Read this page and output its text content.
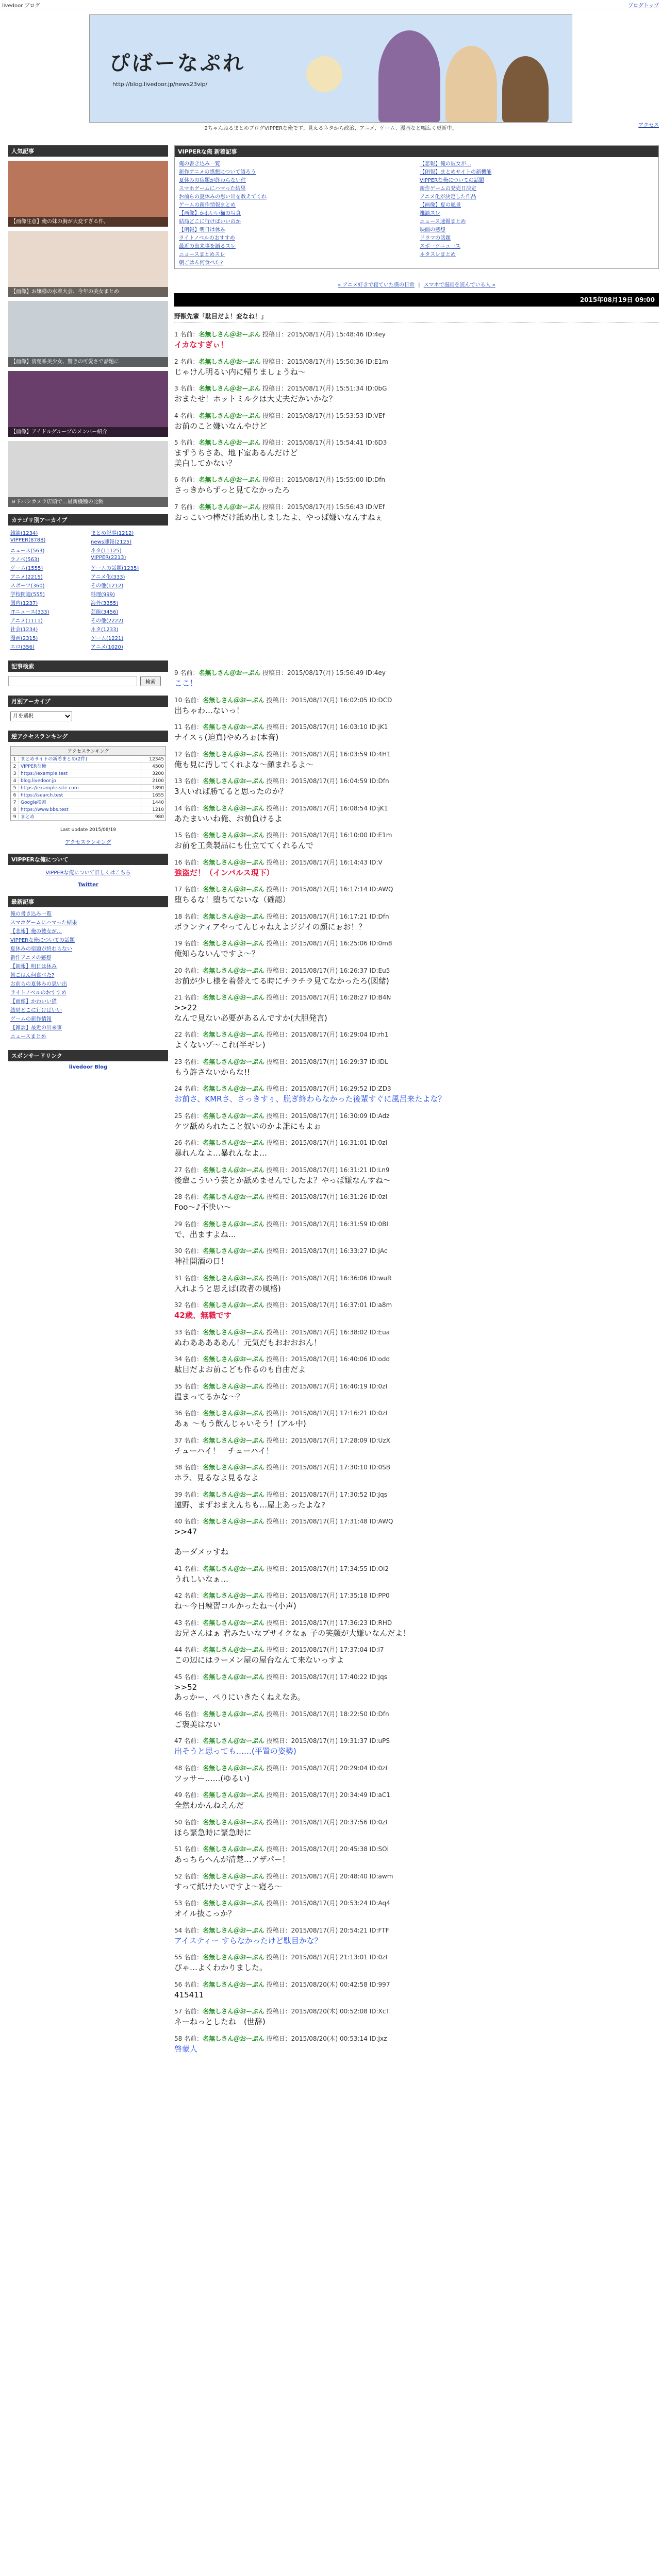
livedoor ブログ	ブログトップ
ぴばーなぷれ
http://blog.livedoor.jp/news23vip/
2ちゃんねるまとめブログVIPPERな俺です。見えるネタから政治、アニメ、ゲーム、漫画など幅広く更新中。
アクセス
人気記事
【画像注意】俺の妹の胸が大変すぎる件。
【画像】お嬢様の水着大会、今年の美女まとめ
【画像】清楚系美少女、驚きの可愛さで話題に
【画像】アイドルグループのメンバー紹介
ヨドバシカメラ店頭で…最新機種の比較
カテゴリ別アーカイブ
雑談(1234)	まとめ記事(1212)
VIPPER(8788)	news速報(2125)
ニュース(563)	ネタ(11125)
ラノベ(563)	VIPPER(2213)
ゲーム(1555)	ゲームの話題(1235)
アニメ(2215)	アニメ化(333)
スポーツ(360)	その他(1212)
学校関連(555)	料理(999)
国内(1237)	海外(3355)
ITニュース(333)	芸能(3456)
アニメ(1111)	その他(2222)
社会(1234)	ネタ(1233)
漫画(2315)	ゲーム(1221)
エロ(356)	アニメ(1020)
記事検索
検索
月別アーカイブ
月を選択
逆アクセスランキング
アクセスランキング
1 まとめサイトの新着まとめ(2件)	12345
2 VIPPERな俺	4500
3 https://example.test	3200
4 blog.livedoor.jp	2100
5 https://example-site.com	1890
6 https://search.test	1655
7 Google検索	1440
8 https://www.bbs.test	1210
9 まとめ	980
Last update 2015/08/19
アクセスランキング
VIPPERな俺について
VIPPERな俺について詳しくはこちら
Twitter
最新記事
俺の書き込み一覧
スマホゲームにハマった結果
【悲報】俺の彼女が…
VIPPERな俺についての話題
夏休みの宿題が終わらない
新作アニメの感想
【朗報】明日は休み
朝ごはん何食べた?
お前らの夏休みの思い出
ライトノベルのおすすめ
【画像】かわいい猫
結局どこに行けばいい
ゲームの新作情報
【雑談】最近の出来事
ニュースまとめ
スポンサードリンク
livedoor Blog
VIPPERな俺 新着記事
俺の書き込み一覧
新作アニメの感想について語ろう
夏休みの宿題が終わらない件
スマホゲームにハマった結果
お前らの夏休みの思い出を教えてくれ
ゲームの新作情報まとめ
【画像】かわいい猫の写真
結局どこに行けばいいのか
【朗報】明日は休み
ライトノベルのおすすめ
最近の出来事を語るスレ
ニュースまとめスレ
朝ごはん何食べた?
【悲報】俺の彼女が…
【朗報】まとめサイトの新機能
VIPPERな俺についての話題
新作ゲームの発売日決定
アニメ化が決定した作品
【画像】夏の風景
雑談スレ
ニュース速報まとめ
映画の感想
ドラマの話題
スポーツニュース
ネタスレまとめ
« アニメ好きで寝ていた僕の日常 | スマホで漫画を読んでいる人 »
2015年08月19日 09:00
野獣先輩「駄目だよ！変なね！」
1 名前：名無しさん＠おーぷん 投稿日：2015/08/17(月) 15:48:46 ID:4ey
イカなすぎぃ！
2 名前：名無しさん＠おーぷん 投稿日：2015/08/17(月) 15:50:36 ID:E1m
じゃけん明るい内に帰りましょうね〜
3 名前：名無しさん＠おーぷん 投稿日：2015/08/17(月) 15:51:34 ID:0bG
おまたせ！ホットミルクは大丈夫だかいかな？
4 名前：名無しさん＠おーぷん 投稿日：2015/08/17(月) 15:53:53 ID:VEf
お前のこと嫌いなんやけど
5 名前：名無しさん＠おーぷん 投稿日：2015/08/17(月) 15:54:41 ID:6D3
まずうちさあ、地下室あるんだけど
美白してかない？
6 名前：名無しさん＠おーぷん 投稿日：2015/08/17(月) 15:55:00 ID:Dfn
さっきからずっと見てなかったろ
7 名前：名無しさん＠おーぷん 投稿日：2015/08/17(月) 15:56:43 ID:VEf
おっこいつ棒だけ舐め出しましたよ、やっぱ嫌いなんすねぇ
9 名前：名無しさん＠おーぷん 投稿日：2015/08/17(月) 15:56:49 ID:4ey
ここ！
10 名前：名無しさん＠おーぷん 投稿日：2015/08/17(月) 16:02:05 ID:DCD
出ちゃわ…ないっ！
11 名前：名無しさん＠おーぷん 投稿日：2015/08/17(月) 16:03:10 ID:jK1
ナイスぅ(迫真)やめろぉ(本音)
12 名前：名無しさん＠おーぷん 投稿日：2015/08/17(月) 16:03:59 ID:4H1
俺も見に汚してくれよな〜顔まれるよ〜
13 名前：名無しさん＠おーぷん 投稿日：2015/08/17(月) 16:04:59 ID:Dfn
3人いれば勝てると思ったのか？
14 名前：名無しさん＠おーぷん 投稿日：2015/08/17(月) 16:08:54 ID:jK1
あたまいいね俺、お前負けるよ
15 名前：名無しさん＠おーぷん 投稿日：2015/08/17(月) 16:10:00 ID:E1m
お前を工業製品にも仕立ててくれるんで
16 名前：名無しさん＠おーぷん 投稿日：2015/08/17(月) 16:14:43 ID:V
強盗だ！（インパルス現下）
17 名前：名無しさん＠おーぷん 投稿日：2015/08/17(月) 16:17:14 ID:AWQ
堕ちるな！堕ちてないな（確認）
18 名前：名無しさん＠おーぷん 投稿日：2015/08/17(月) 16:17:21 ID:Dfn
ボランティアやってんじゃねえよジジイの顔にぉお！？
19 名前：名無しさん＠おーぷん 投稿日：2015/08/17(月) 16:25:06 ID:0m8
俺知らないんですよ〜？
20 名前：名無しさん＠おーぷん 投稿日：2015/08/17(月) 16:26:37 ID:Eu5
お前が少し様を着替えてる時にチラチラ見てなかったろ(図緒)
21 名前：名無しさん＠おーぷん 投稿日：2015/08/17(月) 16:28:27 ID:B4N
>>22
なんで見ない必要があるんですか(大胆発言)
22 名前：名無しさん＠おーぷん 投稿日：2015/08/17(月) 16:29:04 ID:rh1
よくないゾ〜これ(半ギレ)
23 名前：名無しさん＠おーぷん 投稿日：2015/08/17(月) 16:29:37 ID:lDL
もう許さないからな!!
24 名前：名無しさん＠おーぷん 投稿日：2015/08/17(月) 16:29:52 ID:ZD3
お前さ、KMRさ、さっきすぅ、脱ぎ終わらなかった後輩すぐに風呂来たよな？
25 名前：名無しさん＠おーぷん 投稿日：2015/08/17(月) 16:30:09 ID:Adz
ケツ舐められたこと奴いのかよ誰にもよぉ
26 名前：名無しさん＠おーぷん 投稿日：2015/08/17(月) 16:31:01 ID:0zI
暴れんなよ…暴れんなよ…
27 名前：名無しさん＠おーぷん 投稿日：2015/08/17(月) 16:31:21 ID:Ln9
後輩こういう芸とか舐めませんでしたよ？やっぱ嫌なんすね〜
28 名前：名無しさん＠おーぷん 投稿日：2015/08/17(月) 16:31:26 ID:0zI
Foo〜♪不快い〜
29 名前：名無しさん＠おーぷん 投稿日：2015/08/17(月) 16:31:59 ID:0BI
で、出ますよね…
30 名前：名無しさん＠おーぷん 投稿日：2015/08/17(月) 16:33:27 ID:jAc
神社開酒の日！
31 名前：名無しさん＠おーぷん 投稿日：2015/08/17(月) 16:36:06 ID:wuR
入れようと思えば(敗者の風格)
32 名前：名無しさん＠おーぷん 投稿日：2015/08/17(月) 16:37:01 ID:a8m
42歳、無職です
33 名前：名無しさん＠おーぷん 投稿日：2015/08/17(月) 16:38:02 ID:Eua
ぬわあああああん！元気だもおおおおん！
34 名前：名無しさん＠おーぷん 投稿日：2015/08/17(月) 16:40:06 ID:odd
駄目だよお前こども作るのも自由だよ
35 名前：名無しさん＠おーぷん 投稿日：2015/08/17(月) 16:40:19 ID:0zI
温まってるかな〜？
36 名前：名無しさん＠おーぷん 投稿日：2015/08/17(月) 17:16:21 ID:0zI
あぁ 〜もう飲んじゃいそう！(アル中)
37 名前：名無しさん＠おーぷん 投稿日：2015/08/17(月) 17:28:09 ID:UzX
チューハイ！　チューハイ！
38 名前：名無しさん＠おーぷん 投稿日：2015/08/17(月) 17:30:10 ID:0SB
ホラ、見るなよ見るなよ
39 名前：名無しさん＠おーぷん 投稿日：2015/08/17(月) 17:30:52 ID:Jqs
遠野、まずおまえんちも…屋上あったよな?
40 名前：名無しさん＠おーぷん 投稿日：2015/08/17(月) 17:31:48 ID:AWQ
>>47

あーダメッすね
41 名前：名無しさん＠おーぷん 投稿日：2015/08/17(月) 17:34:55 ID:Oi2
うれしいなぁ…
42 名前：名無しさん＠おーぷん 投稿日：2015/08/17(月) 17:35:18 ID:PP0
ね〜今日練習コルかったね〜(小声)
43 名前：名無しさん＠おーぷん 投稿日：2015/08/17(月) 17:36:23 ID:RHD
お兄さんはぁ 君みたいなブサイクなぁ 子の笑顔が大嫌いなんだよ！
44 名前：名無しさん＠おーぷん 投稿日：2015/08/17(月) 17:37:04 ID:l7
この辺にはラーメン屋の屋台なんて来ないっすよ
45 名前：名無しさん＠おーぷん 投稿日：2015/08/17(月) 17:40:22 ID:Jqs
>>52
あっかー、ぺりにいきたくねえなあ。
46 名前：名無しさん＠おーぷん 投稿日：2015/08/17(月) 18:22:50 ID:Dfn
ご褒美はない
47 名前：名無しさん＠おーぷん 投稿日：2015/08/17(月) 19:31:37 ID:uPS
出そうと思っても……(平置の姿勢)
48 名前：名無しさん＠おーぷん 投稿日：2015/08/17(月) 20:29:04 ID:0zI
ツッサー……(ゆるい)
49 名前：名無しさん＠おーぷん 投稿日：2015/08/17(月) 20:34:49 ID:aC1
全然わかんねえんだ
50 名前：名無しさん＠おーぷん 投稿日：2015/08/17(月) 20:37:56 ID:0zI
ほら緊急時に緊急時に
51 名前：名無しさん＠おーぷん 投稿日：2015/08/17(月) 20:45:38 ID:SOi
あっちらへんが清楚…アザパー！
52 名前：名無しさん＠おーぷん 投稿日：2015/08/17(月) 20:48:40 ID:awm
すって紙けたいですよ〜寝ろ〜
53 名前：名無しさん＠おーぷん 投稿日：2015/08/17(月) 20:53:24 ID:Aq4
オイル抜こっか？
54 名前：名無しさん＠おーぷん 投稿日：2015/08/17(月) 20:54:21 ID:FTF
アイスティー すらなかったけど駄目かな？
55 名前：名無しさん＠おーぷん 投稿日：2015/08/17(月) 21:13:01 ID:0zI
ぴゃ…よくわかりました。
56 名前：名無しさん＠おーぷん 投稿日：2015/08/20(木) 00:42:58 ID:997
415411
57 名前：名無しさん＠おーぷん 投稿日：2015/08/20(木) 00:52:08 ID:XcT
ネーねっとしたね　(世辞)
58 名前：名無しさん＠おーぷん 投稿日：2015/08/20(木) 00:53:14 ID:Jxz
啓蒙人
